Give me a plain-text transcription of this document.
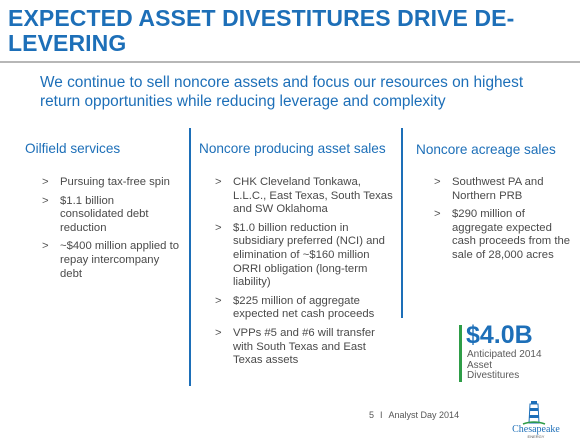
EXPECTED ASSET DIVESTITURES DRIVE DE-LEVERING

We continue to sell noncore assets and focus our resources on highest return opportunities while reducing leverage and complexity

Oilfield services	Noncore producing asset sales Noncore acreage sales

> Pursuing tax-free spin
> $1.1 billion consolidated debt reduction
> ~$400 million applied to repay intercompany debt
> CHK Cleveland Tonkawa, L.L.C., East Texas, South Texas and SW Oklahoma
> $1.0 billion reduction in subsidiary preferred (NCI) and elimination of ~$160 million ORRI obligation (long-term liability)
> $225 million of aggregate expected net cash proceeds
> VPPs #5 and #6 will transfer with South Texas and East Texas assets
> Southwest PA and Northern PRB
> $290 million of aggregate expected cash proceeds from the sale of 28,000 acres
$4.0B
Anticipated 2014 Asset Divestitures
5 I Analyst Day 2014
Chesapeake
ENERGY
